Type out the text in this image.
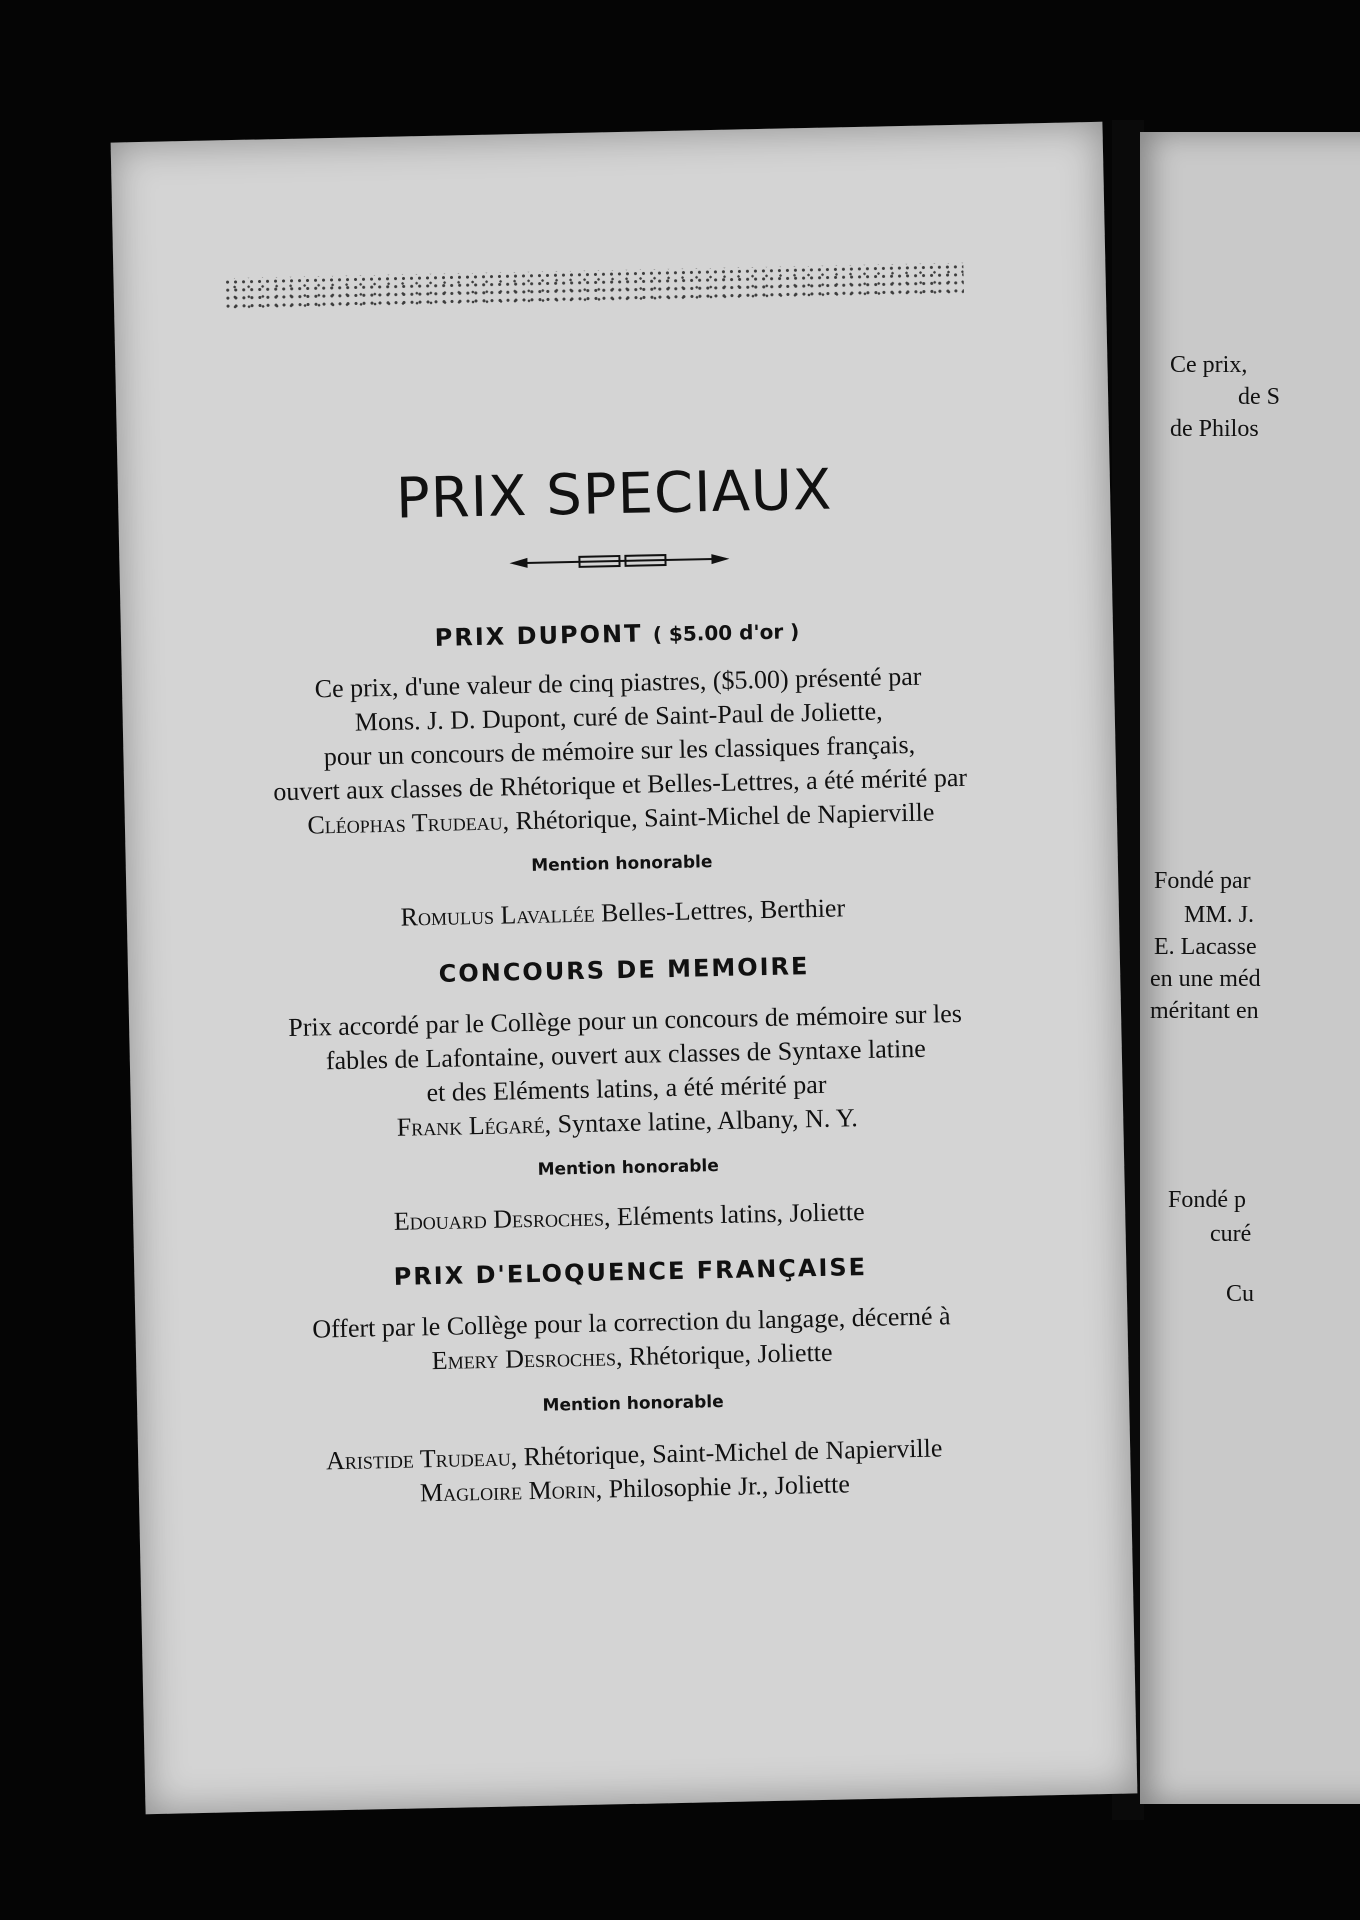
Ce prix,
de S
de Philos
Fondé par
MM. J.
E. Lacasse
en une méd
méritant en
Fondé p
curé
Cu
PRIX SPECIAUX
PRIX DUPONT ( $5.00 d'or )
Ce prix, d'une valeur de cinq piastres, ($5.00) présenté par
Mons. J. D. Dupont, curé de Saint-Paul de Joliette,
pour un concours de mémoire sur les classiques français,
ouvert aux classes de Rhétorique et Belles-Lettres, a été mérité par
Cléophas Trudeau, Rhétorique, Saint-Michel de Napierville
Mention honorable
Romulus Lavallée Belles-Lettres, Berthier
CONCOURS DE MEMOIRE
Prix accordé par le Collège pour un concours de mémoire sur les
fables de Lafontaine, ouvert aux classes de Syntaxe latine
et des Eléments latins, a été mérité par
Frank Légaré, Syntaxe latine, Albany, N. Y.
Mention honorable
Edouard Desroches, Eléments latins, Joliette
PRIX D'ELOQUENCE FRANÇAISE
Offert par le Collège pour la correction du langage, décerné à
Emery Desroches, Rhétorique, Joliette
Mention honorable
Aristide Trudeau, Rhétorique, Saint-Michel de Napierville
Magloire Morin, Philosophie Jr., Joliette
